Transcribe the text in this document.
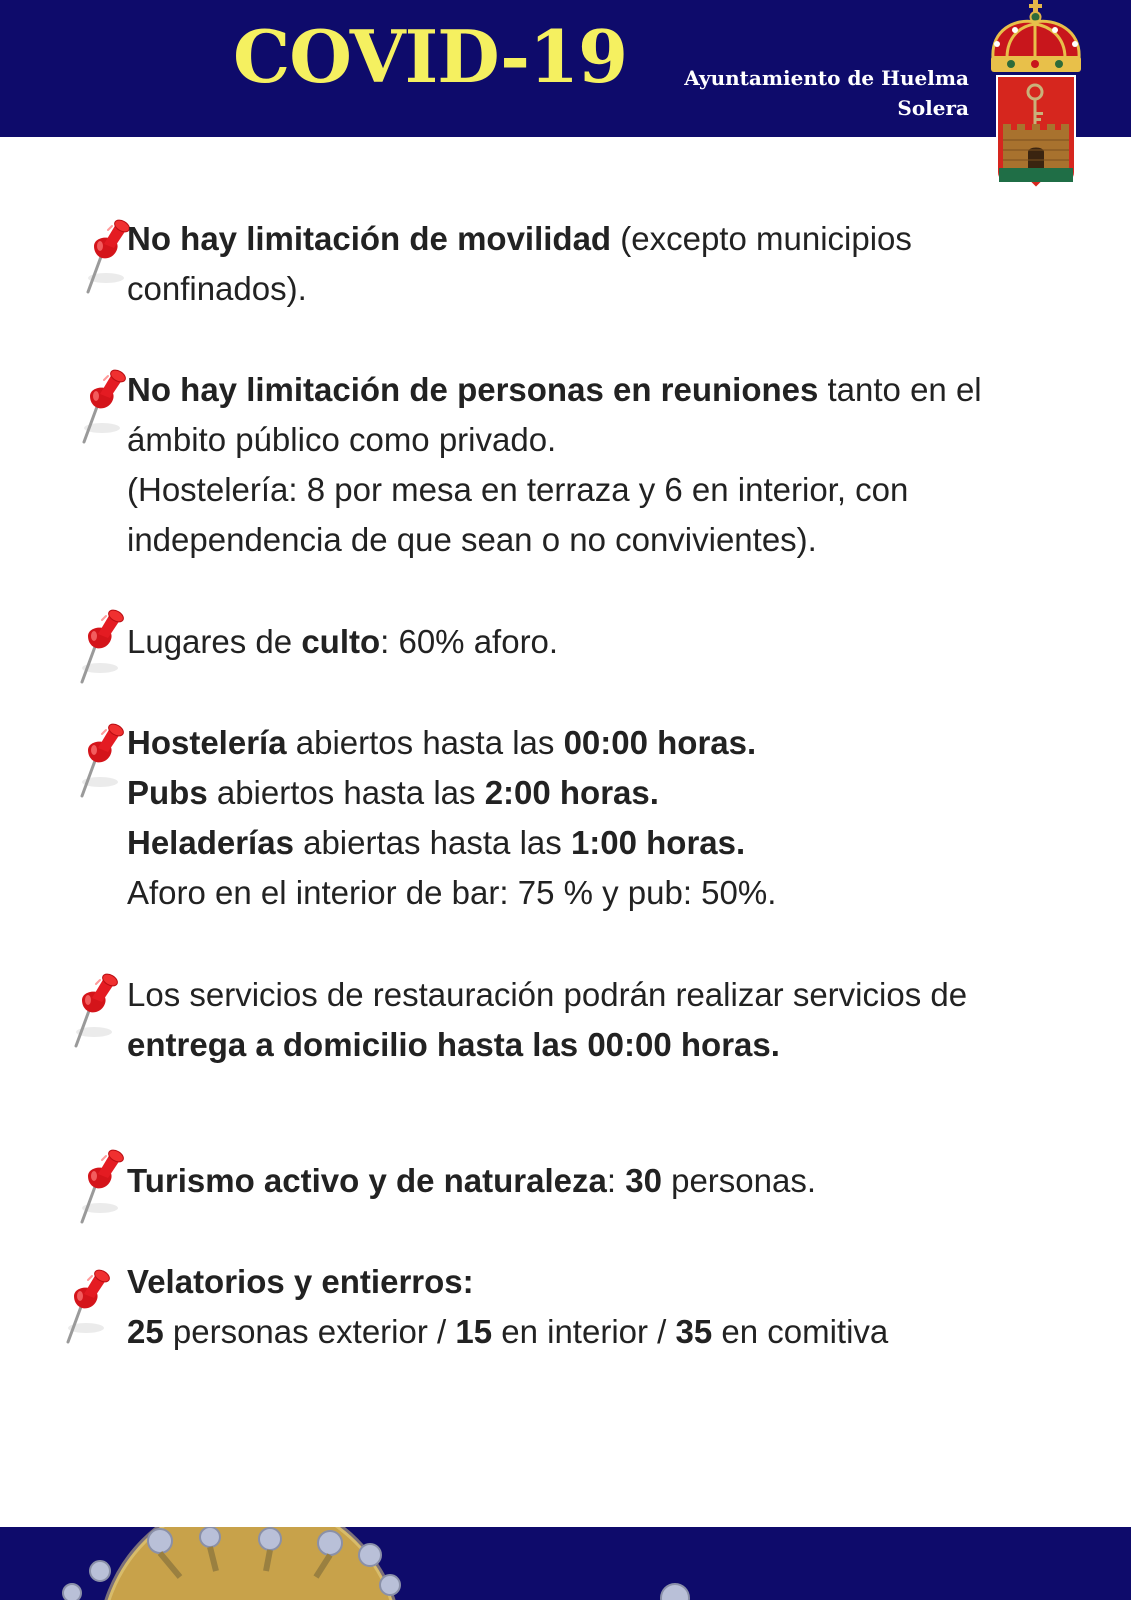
COVID-19	Ayuntamiento de Huelma
Solera

No hay limitación de movilidad (excepto municipios

confinados).

No hay limitación de personas en reuniones tanto en el

ámbito público como privado.

(Hostelería: 8 por mesa en terraza y 6 en interior, con

independencia de que sean o no convivientes).

Lugares de culto: 60% aforo.

Hostelería abiertos hasta las 00:00 horas.

Pubs abiertos hasta las 2:00 horas.

Heladerías abiertas hasta las 1:00 horas.

Aforo en el interior de bar: 75 % y pub: 50%.

Los servicios de restauración podrán realizar servicios de

entrega a domicilio hasta las 00:00 horas.

Turismo activo y de naturaleza: 30 personas.

Velatorios y entierros:

25 personas exterior / 15 en interior / 35 en comitiva
